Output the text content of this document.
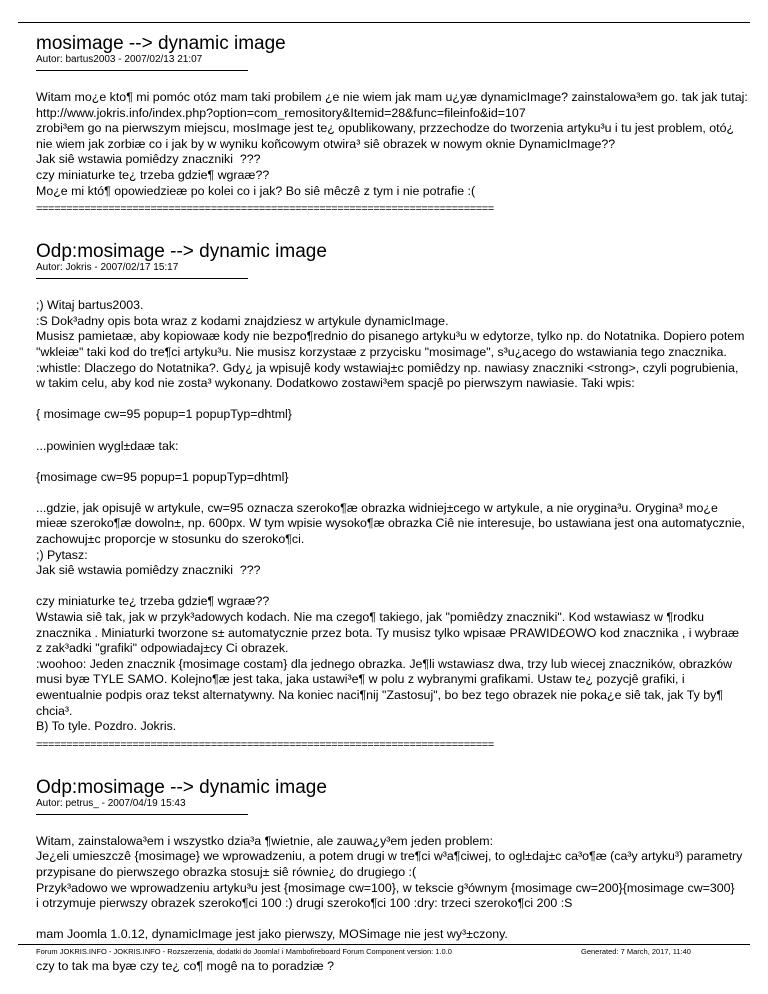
mosimage --> dynamic image
Autor: bartus2003 - 2007/02/13 21:07

Witam mo¿e kto¶ mi pomóc otóz mam taki probilem ¿e nie wiem jak mam u¿yæ dynamicImage? zainstalowa³em go. tak jak tutaj:

http://www.jokris.info/index.php?option=com_remository&Itemid=28&func=fileinfo&id=107

zrobi³em go na pierwszym miejscu, mosImage jest te¿ opublikowany, przzechodze do tworzenia artyku³u i tu jest problem, otó¿ nie wiem jak zorbiæ co i jak by w wyniku koñcowym otwira³ siê obrazek w nowym oknie DynamicImage??

Jak siê wstawia pomiêdzy znaczniki  ???

czy miniaturke te¿ trzeba gdzie¶ wgraæ??

Mo¿e mi któ¶ opowiedzieæ po kolei co i jak? Bo siê mêczê z tym i nie potrafie :(

============================================================================
Odp:mosimage --> dynamic image
Autor: Jokris - 2007/02/17 15:17

;) Witaj bartus2003.

:S Dok³adny opis bota wraz z kodami znajdziesz w artykule dynamicImage.

Musisz pamietaæ, aby kopiowaæ kody nie bezpo¶rednio do pisanego artyku³u w edytorze, tylko np. do Notatnika. Dopiero potem "wkleiæ" taki kod do tre¶ci artyku³u. Nie musisz korzystaæ z przycisku "mosimage", s³u¿acego do wstawiania tego znacznika.

:whistle: Dlaczego do Notatnika?. Gdy¿ ja wpisujê kody wstawiaj±c pomiêdzy np. nawiasy znaczniki <strong>, czyli pogrubienia, w takim celu, aby kod nie zosta³ wykonany. Dodatkowo zostawi³em spacjê po pierwszym nawiasie. Taki wpis:

{ mosimage cw=95 popup=1 popupTyp=dhtml}

...powinien wygl±daæ tak:

{mosimage cw=95 popup=1 popupTyp=dhtml}

...gdzie, jak opisujê w artykule, cw=95 oznacza szeroko¶æ obrazka widniej±cego w artykule, a nie orygina³u. Orygina³ mo¿e mieæ szeroko¶æ dowoln±, np. 600px. W tym wpisie wysoko¶æ obrazka Ciê nie interesuje, bo ustawiana jest ona automatycznie, zachowuj±c proporcje w stosunku do szeroko¶ci.

;) Pytasz:

Jak siê wstawia pomiêdzy znaczniki  ???

czy miniaturke te¿ trzeba gdzie¶ wgraæ??

Wstawia siê tak, jak w przyk³adowych kodach. Nie ma czego¶ takiego, jak "pomiêdzy znaczniki". Kod wstawiasz w ¶rodku znacznika . Miniaturki tworzone s± automatycznie przez bota. Ty musisz tylko wpisaæ PRAWID£OWO kod znacznika , i wybraæ z zak³adki "grafiki" odpowiadaj±cy Ci obrazek.

:woohoo: Jeden znacznik {mosimage costam} dla jednego obrazka. Je¶li wstawiasz dwa, trzy lub wiecej znaczników, obrazków musi byæ TYLE SAMO. Kolejno¶æ jest taka, jaka ustawi³e¶ w polu z wybranymi grafikami. Ustaw te¿ pozycjê grafiki, i ewentualnie podpis oraz tekst alternatywny. Na koniec naci¶nij "Zastosuj", bo bez tego obrazek nie poka¿e siê tak, jak Ty by¶ chcia³.

B) To tyle. Pozdro. Jokris.

============================================================================
Odp:mosimage --> dynamic image
Autor: petrus_ - 2007/04/19 15:43

Witam, zainstalowa³em i wszystko dzia³a ¶wietnie, ale zauwa¿y³em jeden problem:

Je¿eli umieszczê {mosimage} we wprowadzeniu, a potem drugi w tre¶ci w³a¶ciwej, to ogl±daj±c ca³o¶æ (ca³y artyku³) parametry przypisane do pierwszego obrazka stosuj± siê równie¿ do drugiego :(

Przyk³adowo we wprowadzeniu artyku³u jest {mosimage cw=100}, w tekscie g³ównym {mosimage cw=200}{mosimage cw=300}

i otrzymuje pierwszy obrazek szeroko¶ci 100 :) drugi szeroko¶ci 100 :dry: trzeci szeroko¶ci 200 :S

mam Joomla 1.0.12, dynamicImage jest jako pierwszy, MOSimage nie jest wy³±czony.

czy to tak ma byæ czy te¿ co¶ mogê na to poradziæ ?

Forum JOKRIS.INFO - JOKRIS.INFO - Rozszerzenia, dodatki do Joomla! i Mambofireboard Forum Component version: 1.0.0	Generated: 7 March, 2017, 11:40
